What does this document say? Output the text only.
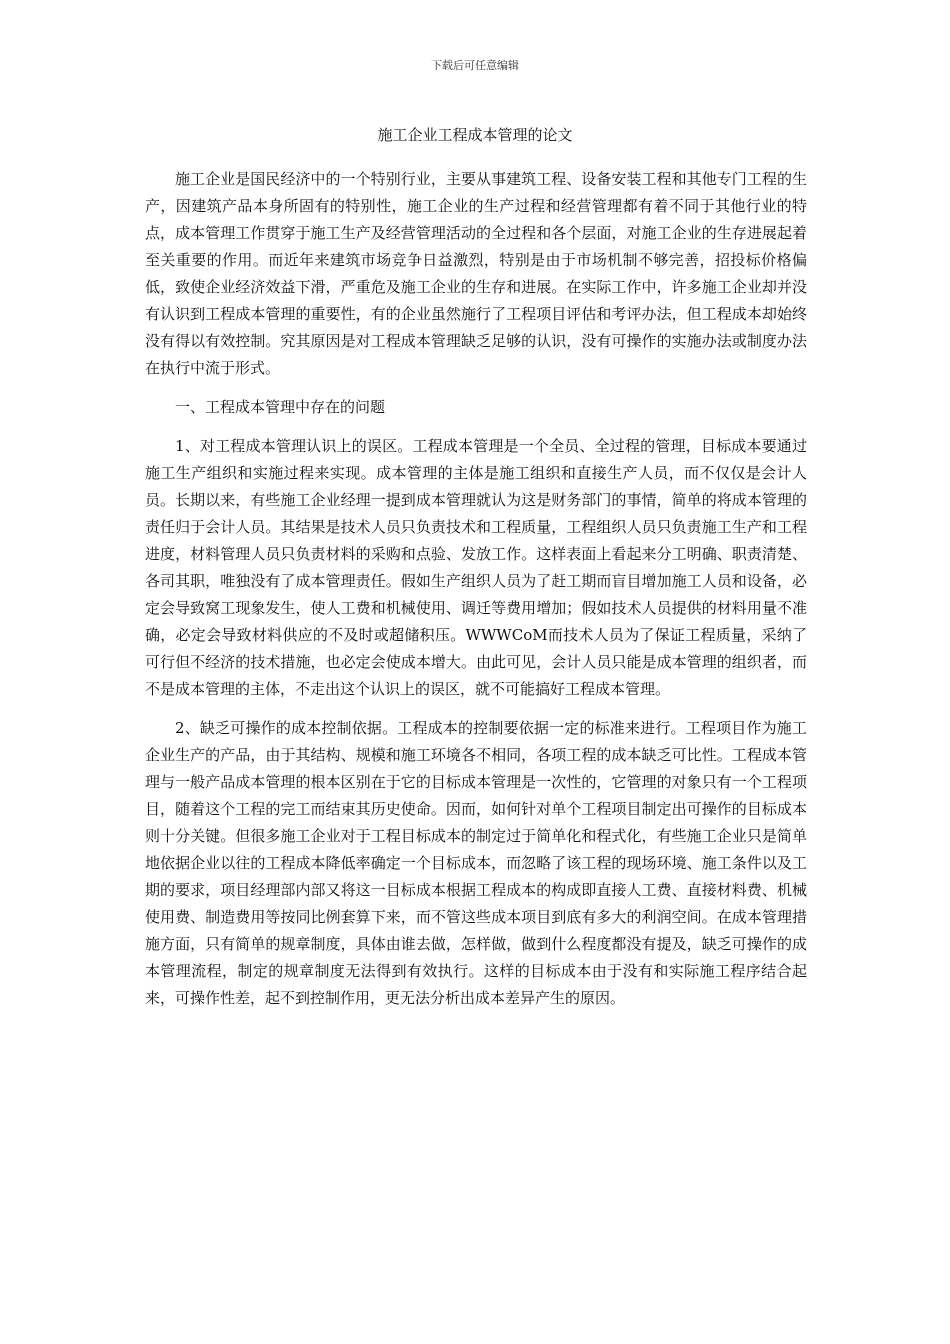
下载后可任意编辑
施工企业工程成本管理的论文

施工企业是国民经济中的一个特别行业，主要从事建筑工程、设备安装工程和其他专门工程的生产，因建筑产品本身所固有的特别性，施工企业的生产过程和经营管理都有着不同于其他行业的特点，成本管理工作贯穿于施工生产及经营管理活动的全过程和各个层面，对施工企业的生存进展起着至关重要的作用。而近年来建筑市场竞争日益激烈，特别是由于市场机制不够完善，招投标价格偏低，致使企业经济效益下滑，严重危及施工企业的生存和进展。在实际工作中，许多施工企业却并没有认识到工程成本管理的重要性，有的企业虽然施行了工程项目评估和考评办法，但工程成本却始终没有得以有效控制。究其原因是对工程成本管理缺乏足够的认识，没有可操作的实施办法或制度办法在执行中流于形式。

一、工程成本管理中存在的问题

1、对工程成本管理认识上的误区。工程成本管理是一个全员、全过程的管理，目标成本要通过施工生产组织和实施过程来实现。成本管理的主体是施工组织和直接生产人员，而不仅仅是会计人员。长期以来，有些施工企业经理一提到成本管理就认为这是财务部门的事情，简单的将成本管理的责任归于会计人员。其结果是技术人员只负责技术和工程质量，工程组织人员只负责施工生产和工程进度，材料管理人员只负责材料的采购和点验、发放工作。这样表面上看起来分工明确、职责清楚、各司其职，唯独没有了成本管理责任。假如生产组织人员为了赶工期而盲目增加施工人员和设备，必定会导致窝工现象发生，使人工费和机械使用、调迁等费用增加；假如技术人员提供的材料用量不准确，必定会导致材料供应的不及时或超储积压。WWWCoM而技术人员为了保证工程质量，采纳了可行但不经济的技术措施，也必定会使成本增大。由此可见，会计人员只能是成本管理的组织者，而不是成本管理的主体，不走出这个认识上的误区，就不可能搞好工程成本管理。

2、缺乏可操作的成本控制依据。工程成本的控制要依据一定的标准来进行。工程项目作为施工企业生产的产品，由于其结构、规模和施工环境各不相同，各项工程的成本缺乏可比性。工程成本管理与一般产品成本管理的根本区别在于它的目标成本管理是一次性的，它管理的对象只有一个工程项目，随着这个工程的完工而结束其历史使命。因而，如何针对单个工程项目制定出可操作的目标成本则十分关键。但很多施工企业对于工程目标成本的制定过于简单化和程式化，有些施工企业只是简单地依据企业以往的工程成本降低率确定一个目标成本，而忽略了该工程的现场环境、施工条件以及工期的要求，项目经理部内部又将这一目标成本根据工程成本的构成即直接人工费、直接材料费、机械使用费、制造费用等按同比例套算下来，而不管这些成本项目到底有多大的利润空间。在成本管理措施方面，只有简单的规章制度，具体由谁去做，怎样做，做到什么程度都没有提及，缺乏可操作的成本管理流程，制定的规章制度无法得到有效执行。这样的目标成本由于没有和实际施工程序结合起来，可操作性差，起不到控制作用，更无法分析出成本差异产生的原因。
